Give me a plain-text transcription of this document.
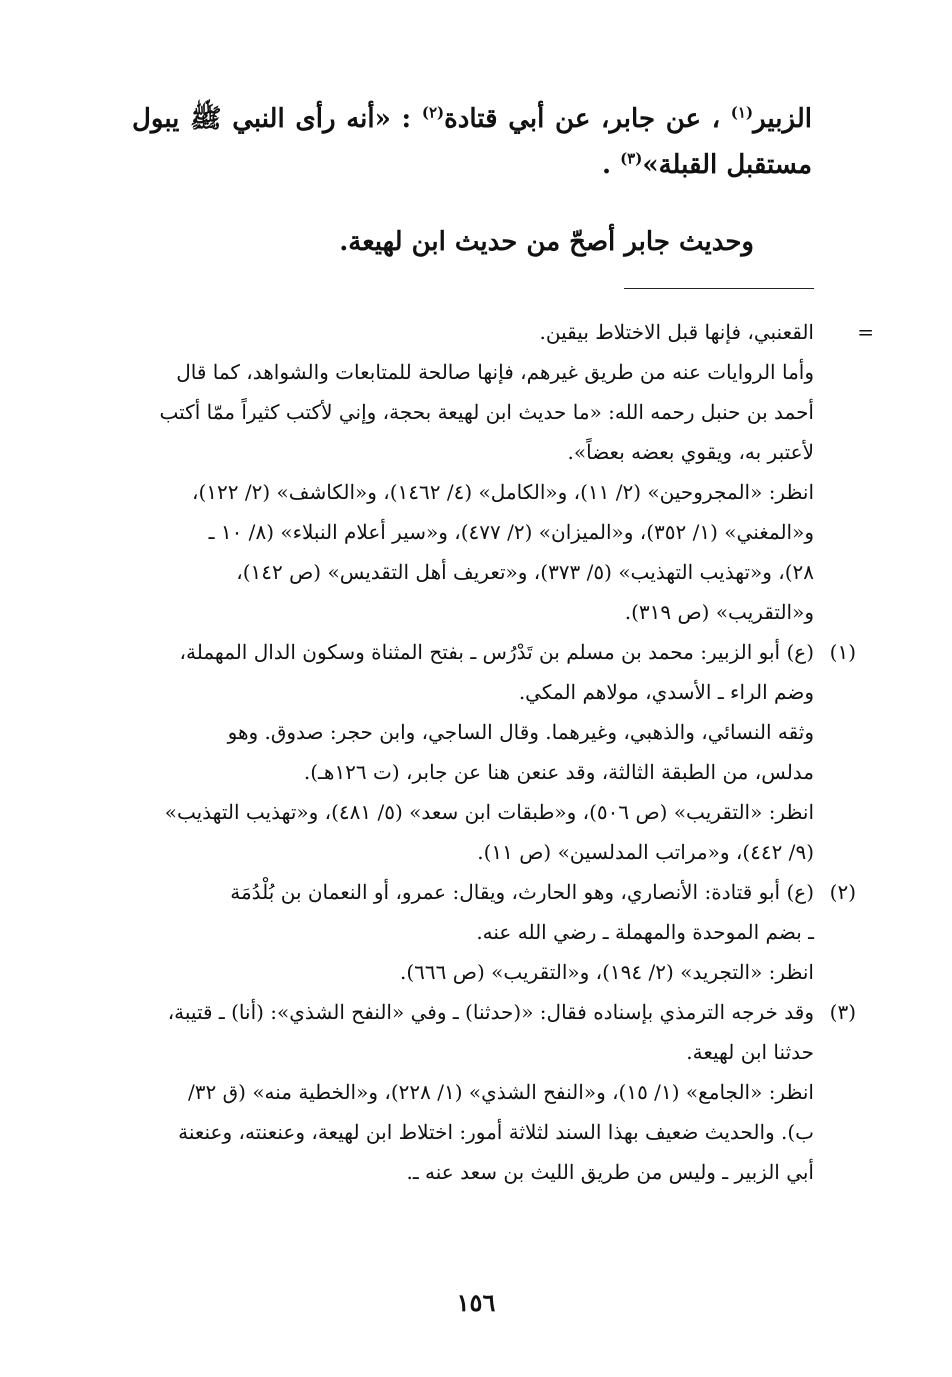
الزبير$^{(١)}$ ، عن جابر، عن أبي قتادة$^{(٢)}$ : «أنه رأى النبي ﷺ يبول مستقبل القبلة»$^{(٣)}$ .
وحديث جابر أصحّ من حديث ابن لهيعة.
=
القعنبي، فإنها قبل الاختلاط بيقين.
وأما الروايات عنه من طريق غيرهم، فإنها صالحة للمتابعات والشواهد، كما قال
أحمد بن حنبل رحمه الله: «ما حديث ابن لهيعة بحجة، وإني لأكتب كثيراً ممّا أكتب
لأعتبر به، ويقوي بعضه بعضاً».
انظر: «المجروحين» (٢/ ١١)، و«الكامل» (٤/ ١٤٦٢)، و«الكاشف» (٢/ ١٢٢)،
و«المغني» (١/ ٣٥٢)، و«الميزان» (٢/ ٤٧٧)، و«سير أعلام النبلاء» (٨/ ١٠ ـ
٢٨)، و«تهذيب التهذيب» (٥/ ٣٧٣)، و«تعريف أهل التقديس» (ص ١٤٢)،
و«التقريب» (ص ٣١٩).
(١)
(ع) أبو الزبير: محمد بن مسلم بن تَدْرُس ـ بفتح المثناة وسكون الدال المهملة،
وضم الراء ـ الأسدي، مولاهم المكي.
وثقه النسائي، والذهبي، وغيرهما. وقال الساجي، وابن حجر: صدوق. وهو
مدلس، من الطبقة الثالثة، وقد عنعن هنا عن جابر، (ت ١٢٦هـ).
انظر: «التقريب» (ص ٥٠٦)، و«طبقات ابن سعد» (٥/ ٤٨١)، و«تهذيب التهذيب»
(٩/ ٤٤٢)، و«مراتب المدلسين» (ص ١١).
(٢)
(ع) أبو قتادة: الأنصاري، وهو الحارث، ويقال: عمرو، أو النعمان بن بُلْدُمَة
ـ بضم الموحدة والمهملة ـ رضي الله عنه.
انظر: «التجريد» (٢/ ١٩٤)، و«التقريب» (ص ٦٦٦).
(٣)
وقد خرجه الترمذي بإسناده فقال: «(حدثنا) ـ وفي «النفح الشذي»: (أنا) ـ قتيبة،
حدثنا ابن لهيعة.
انظر: «الجامع» (١/ ١٥)، و«النفح الشذي» (١/ ٢٢٨)، و«الخطية منه» (ق ٣٢/
ب). والحديث ضعيف بهذا السند لثلاثة أمور: اختلاط ابن لهيعة، وعنعنته، وعنعنة
أبي الزبير ـ وليس من طريق الليث بن سعد عنه ـ.
١٥٦
